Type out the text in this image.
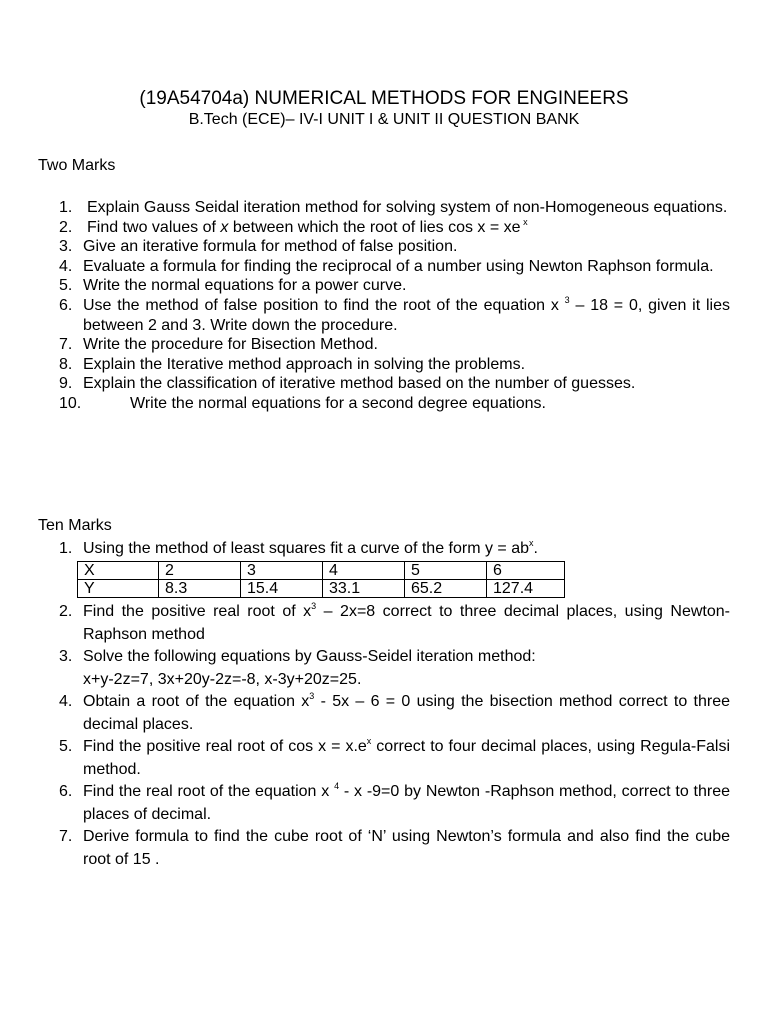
(19A54704a) NUMERICAL METHODS FOR ENGINEERS
B.Tech (ECE)– IV-I UNIT I & UNIT II QUESTION BANK
Two Marks
1. Explain Gauss Seidal iteration method for solving system of non-Homogeneous equations.
2. Find two values of x between which the root of lies cos x = xe $^x$
3. Give an iterative formula for method of false position.
4. Evaluate a formula for finding the reciprocal of a number using Newton Raphson formula.
5. Write the normal equations for a power curve.
6. Use the method of false position to find the root of the equation x $^3$ – 18 = 0, given it lies between 2 and 3. Write down the procedure.
7. Write the procedure for Bisection Method.
8. Explain the Iterative method approach in solving the problems.
9. Explain the classification of iterative method based on the number of guesses.
10.	Write the normal equations for a second degree equations.
Ten Marks
1. Using the method of least squares fit a curve of the form $y = ab^x$.
X	2	3	4	5	6
Y	8.3	15.4	33.1	65.2	127.4
2. Find the positive real root of $x^3 - 2x=8$ correct to three decimal places, using Newton-Raphson method
3. Solve the following equations by Gauss-Seidel iteration method:
x+y-2z=7, 3x+20y-2z=-8, x-3y+20z=25.
4. Obtain a root of the equation $x^3 - 5x - 6 = 0$ using the bisection method correct to three decimal places.
5. Find the positive real root of $\cos x = x.e^x$ correct to four decimal places, using Regula-Falsi method.
6. Find the real root of the equation x $^4$ - x -9=0 by Newton -Raphson method, correct to three places of decimal.
7. Derive formula to find the cube root of ‘N’ using Newton’s formula and also find the cube root of 15 .
